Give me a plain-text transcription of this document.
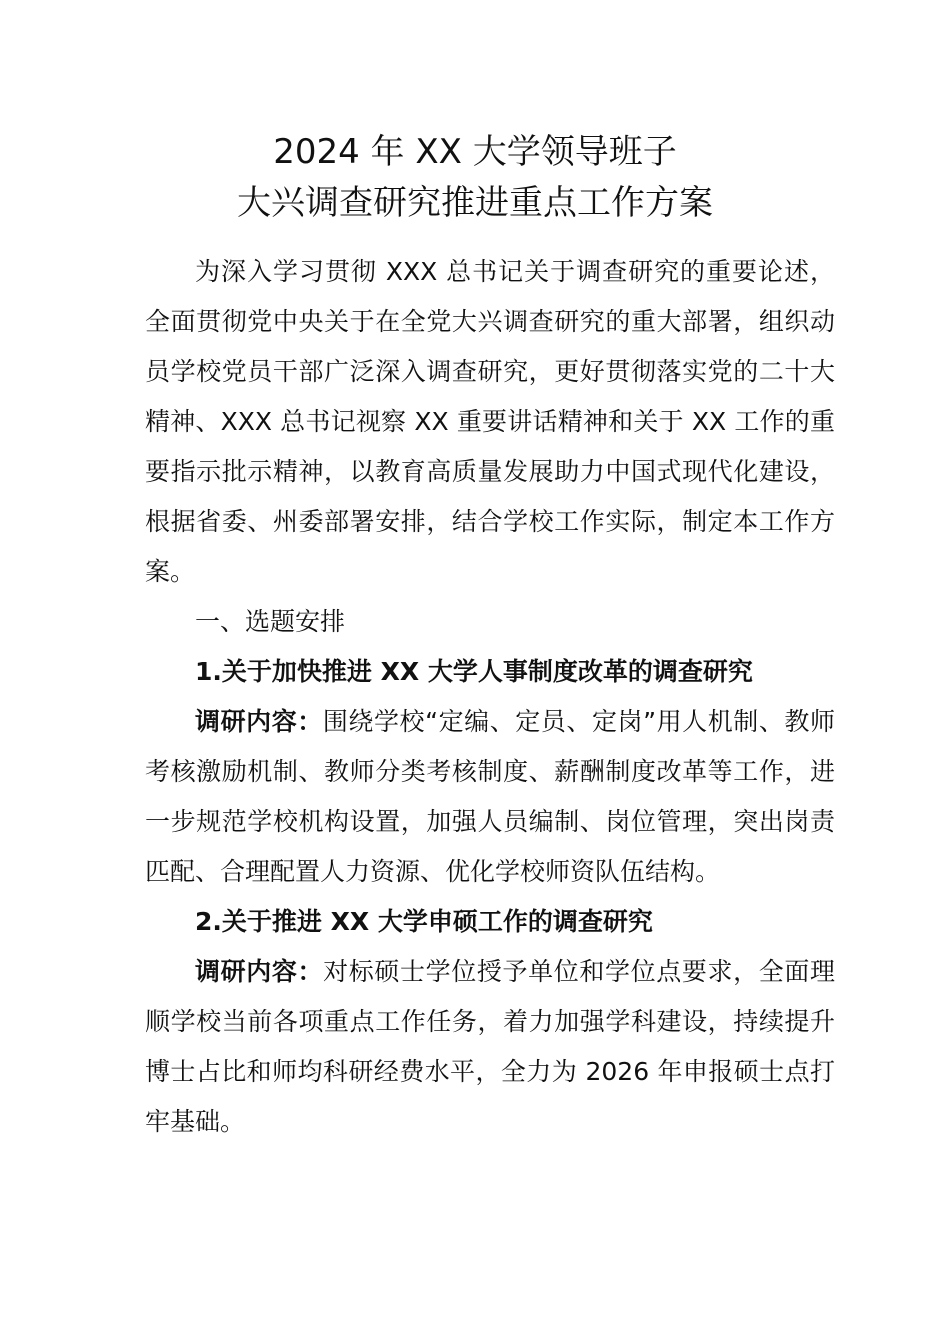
2024 年 XX 大学领导班子
大兴调查研究推进重点工作方案

为深入学习贯彻 XXX 总书记关于调查研究的重要论述，全面贯彻党中央关于在全党大兴调查研究的重大部署，组织动员学校党员干部广泛深入调查研究，更好贯彻落实党的二十大精神、XXX 总书记视察 XX 重要讲话精神和关于 XX 工作的重要指示批示精神，以教育高质量发展助力中国式现代化建设，根据省委、州委部署安排，结合学校工作实际，制定本工作方案。

一、选题安排

1.关于加快推进 XX 大学人事制度改革的调查研究

调研内容：围绕学校“定编、定员、定岗”用人机制、教师考核激励机制、教师分类考核制度、薪酬制度改革等工作，进一步规范学校机构设置，加强人员编制、岗位管理，突出岗责匹配、合理配置人力资源、优化学校师资队伍结构。

2.关于推进 XX 大学申硕工作的调查研究

调研内容：对标硕士学位授予单位和学位点要求，全面理顺学校当前各项重点工作任务，着力加强学科建设，持续提升博士占比和师均科研经费水平，全力为 2026 年申报硕士点打牢基础。
